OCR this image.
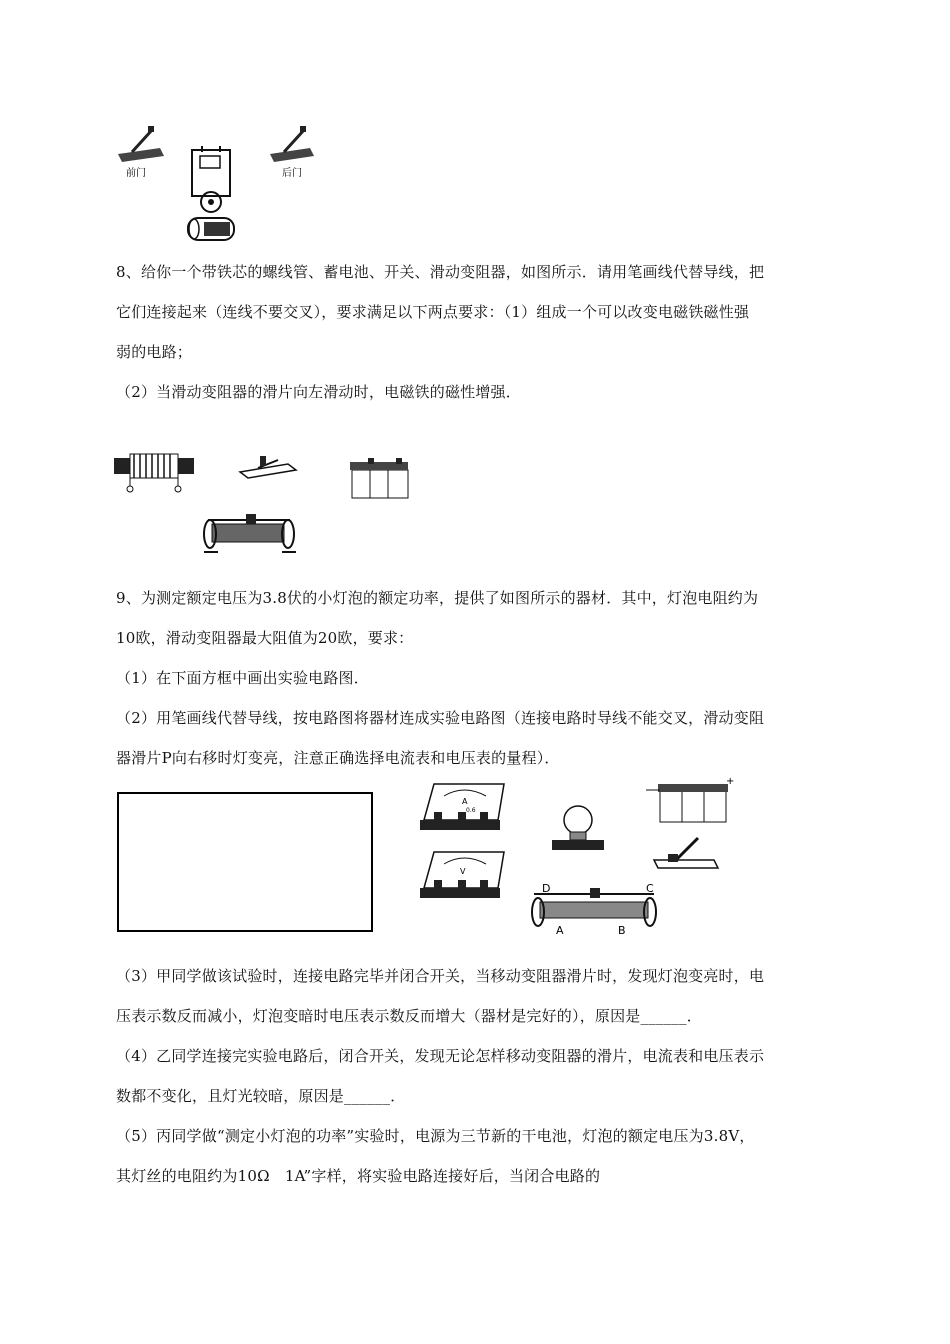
前门	后门

8、给你一个带铁芯的螺线管、蓄电池、开关、滑动变阻器，如图所示．请用笔画线代替导线，把

它们连接起来（连线不要交叉），要求满足以下两点要求：（1）组成一个可以改变电磁铁磁性强

弱的电路；

（2）当滑动变阻器的滑片向左滑动时，电磁铁的磁性增强．

9、为测定额定电压为3.8伏的小灯泡的额定功率，提供了如图所示的器材．其中，灯泡电阻约为

10欧，滑动变阻器最大阻值为20欧，要求：

（1）在下面方框中画出实验电路图．

（2）用笔画线代替导线，按电路图将器材连成实验电路图（连接电路时导线不能交叉，滑动变阻

器滑片P向右移时灯变亮，注意正确选择电流表和电压表的量程）．

A
0.6
V
+
D	C
A	B

（3）甲同学做该试验时，连接电路完毕并闭合开关，当移动变阻器滑片时，发现灯泡变亮时，电

压表示数反而减小，灯泡变暗时电压表示数反而增大（器材是完好的），原因是______．

（4）乙同学连接完实验电路后，闭合开关，发现无论怎样移动变阻器的滑片，电流表和电压表示

数都不变化，且灯光较暗，原因是______．

（5）丙同学做“测定小灯泡的功率”实验时，电源为三节新的干电池，灯泡的额定电压为3.8V，

其灯丝的电阻约为10Ω　1A”字样，将实验电路连接好后，当闭合电路的
